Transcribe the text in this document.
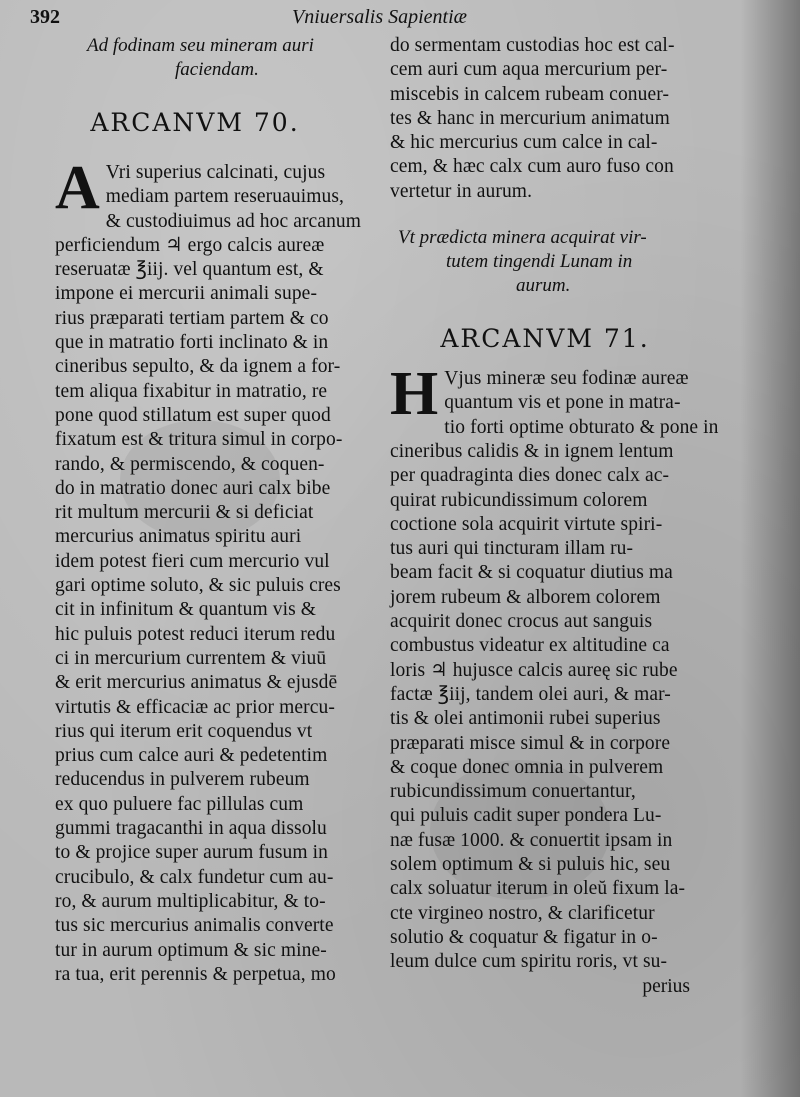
392	Vniuersalis Sapientiæ
Ad fodinam seu mineram auri
faciendam.
ARCANVM 70.
A Vri superius calcinati, cujus
mediam partem reseruauimus,
& custodiuimus ad hoc arcanum
perficiendum ♃ ergo calcis aureæ
reseruatæ ℥iij. vel quantum est, &
impone ei mercurii animali supe-
rius præparati tertiam partem & co
que in matratio forti inclinato & in
cineribus sepulto, & da ignem a for-
tem aliqua fixabitur in matratio, re
pone quod stillatum est super quod
fixatum est & tritura simul in corpo-
rando, & permiscendo, & coquen-
do in matratio donec auri calx bibe
rit multum mercurii & si deficiat
mercurius animatus spiritu auri
idem potest fieri cum mercurio vul
gari optime soluto, & sic puluis cres
cit in infinitum & quantum vis &
hic puluis potest reduci iterum redu
ci in mercurium currentem & viuū
& erit mercurius animatus & ejusdē
virtutis & efficaciæ ac prior mercu-
rius qui iterum erit coquendus vt
prius cum calce auri & pedetentim
reducendus in pulverem rubeum
ex quo puluere fac pillulas cum
gummi tragacanthi in aqua dissolu
to & projice super aurum fusum in
crucibulo, & calx fundetur cum au-
ro, & aurum multiplicabitur, & to-
tus sic mercurius animalis converte
tur in aurum optimum & sic mine-
ra tua, erit perennis & perpetua, mo
do sermentam custodias hoc est cal-
cem auri cum aqua mercurium per-
miscebis in calcem rubeam conuer-
tes & hanc in mercurium animatum
& hic mercurius cum calce in cal-
cem, & hæc calx cum auro fuso con
vertetur in aurum.
Vt prædicta minera acquirat vir-
tutem tingendi Lunam in
aurum.
ARCANVM 71.
H Vjus mineræ seu fodinæ aureæ
quantum vis et pone in matra-
tio forti optime obturato & pone in
cineribus calidis & in ignem lentum
per quadraginta dies donec calx ac-
quirat rubicundissimum colorem
coctione sola acquirit virtute spiri-
tus auri qui tincturam illam ru-
beam facit & si coquatur diutius ma
jorem rubeum & alborem colorem
acquirit donec crocus aut sanguis
combustus videatur ex altitudine ca
loris ♃ hujusce calcis aureę sic rube
factæ ℥iij, tandem olei auri, & mar-
tis & olei antimonii rubei superius
præparati misce simul & in corpore
& coque donec omnia in pulverem
rubicundissimum conuertantur,
qui puluis cadit super pondera Lu-
næ fusæ 1000. & conuertit ipsam in
solem optimum & si puluis hic, seu
calx soluatur iterum in oleŭ fixum la-
cte virgineo nostro, & clarificetur
solutio & coquatur & figatur in o-
leum dulce cum spiritu roris, vt su-
perius
